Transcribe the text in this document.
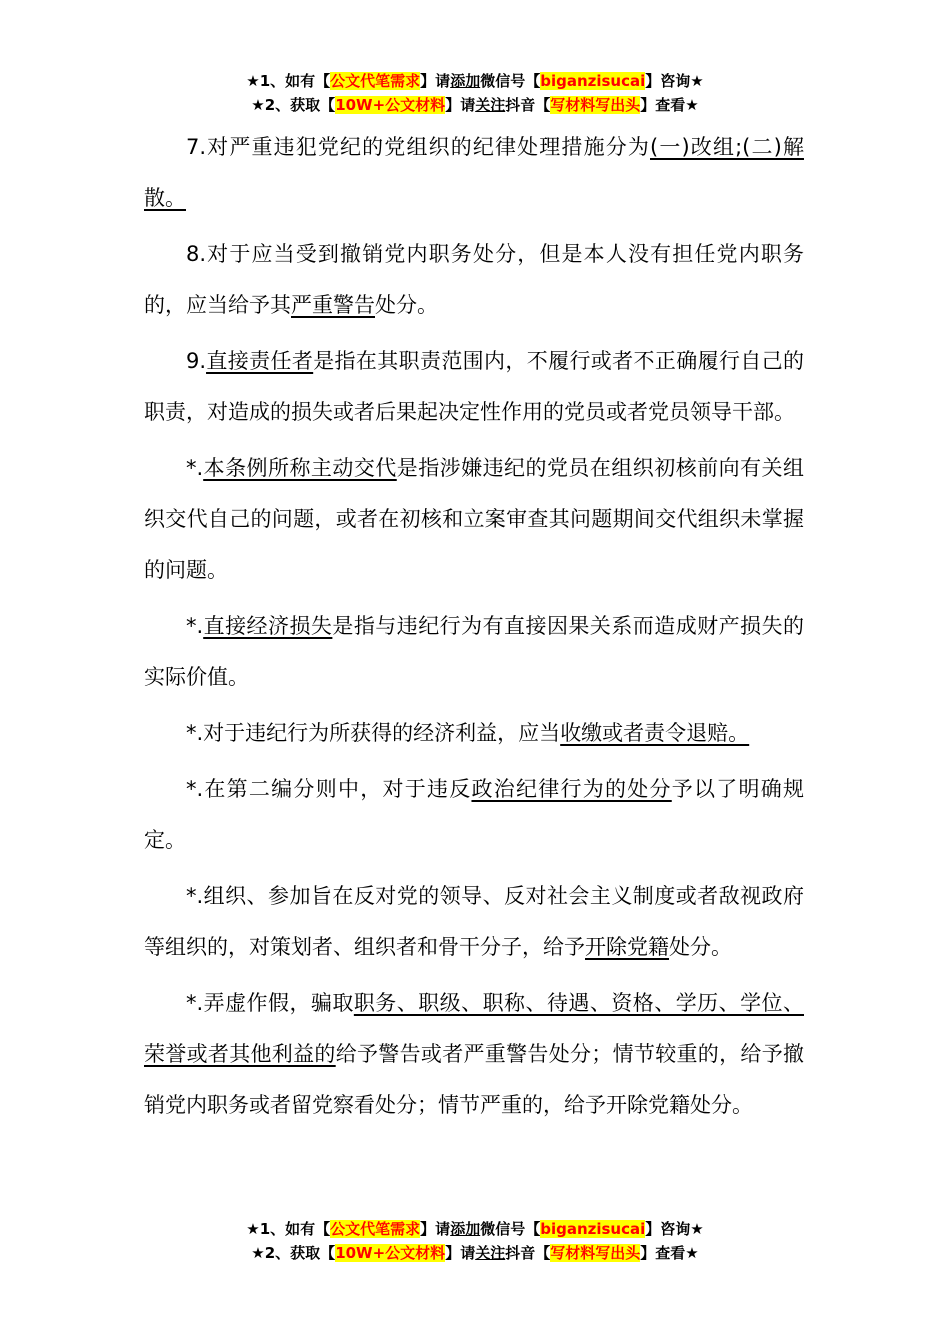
★1、如有【公文代笔需求】请添加微信号【biganzisucai】咨询★
★2、获取【10W+公文材料】请关注抖音【写材料写出头】查看★

7.对严重违犯党纪的党组织的纪律处理措施分为(一)改组;(二)解散。

8.对于应当受到撤销党内职务处分，但是本人没有担任党内职务的，应当给予其严重警告处分。

9.直接责任者是指在其职责范围内，不履行或者不正确履行自己的职责，对造成的损失或者后果起决定性作用的党员或者党员领导干部。

*.本条例所称主动交代是指涉嫌违纪的党员在组织初核前向有关组织交代自己的问题，或者在初核和立案审查其问题期间交代组织未掌握的问题。

*.直接经济损失是指与违纪行为有直接因果关系而造成财产损失的实际价值。

*.对于违纪行为所获得的经济利益，应当收缴或者责令退赔。

*.在第二编分则中，对于违反政治纪律行为的处分予以了明确规定。

*.组织、参加旨在反对党的领导、反对社会主义制度或者敌视政府等组织的，对策划者、组织者和骨干分子，给予开除党籍处分。

*.弄虚作假，骗取职务、职级、职称、待遇、资格、学历、学位、荣誉或者其他利益的给予警告或者严重警告处分；情节较重的，给予撤销党内职务或者留党察看处分；情节严重的，给予开除党籍处分。

★1、如有【公文代笔需求】请添加微信号【biganzisucai】咨询★
★2、获取【10W+公文材料】请关注抖音【写材料写出头】查看★
